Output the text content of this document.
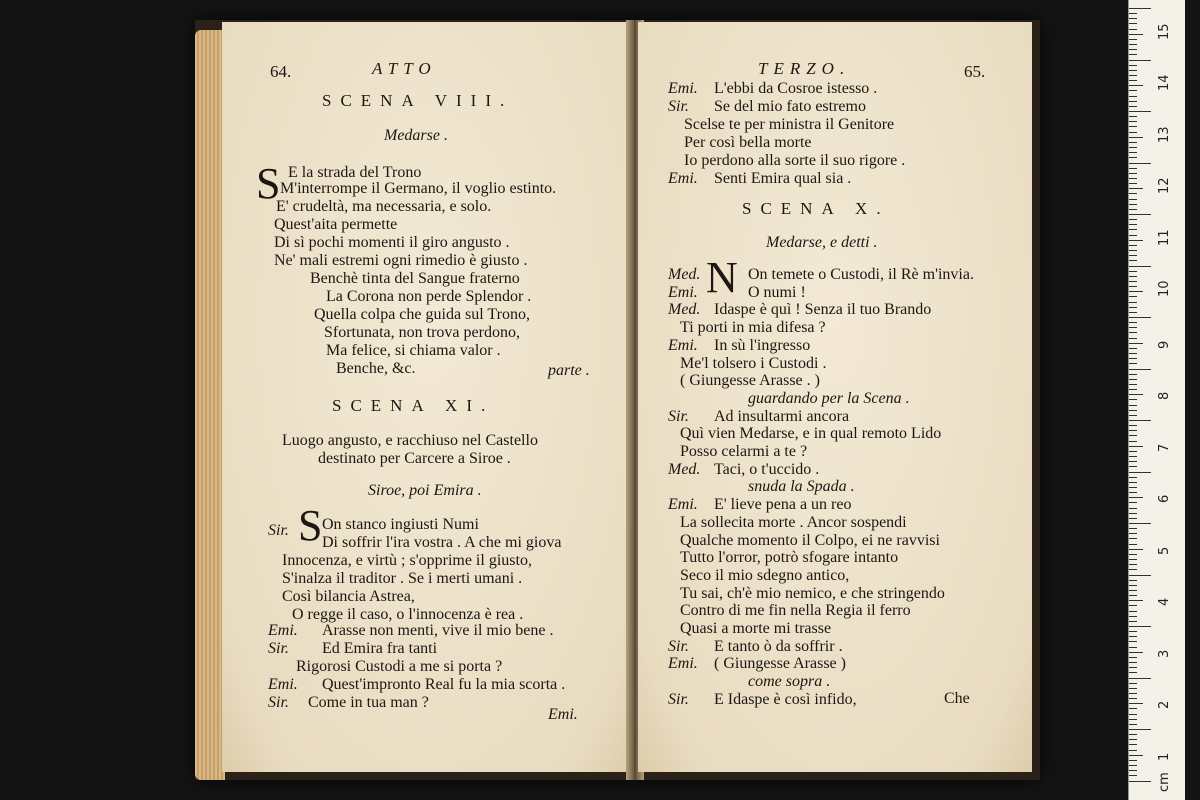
64.	ATTO
SCENA VIII.
Medarse .
S E la strada del Trono
M'interrompe il Germano, il voglio estinto.
E' crudeltà, ma necessaria, e solo.
Quest'aita permette
Di sì pochi momenti il giro angusto .
Ne' mali estremi ogni rimedio è giusto .
Benchè tinta del Sangue fraterno
La Corona non perde Splendor .
Quella colpa che guida sul Trono,
Sfortunata, non trova perdono,
Ma felice, si chiama valor .
Benche, &c.	parte .
SCENA XI.
Luogo angusto, e racchiuso nel Castello
destinato per Carcere a Siroe .
Siroe, poi Emira .
Sir. S On stanco ingiusti Numi
Di soffrir l'ira vostra . A che mi giova
Innocenza, e virtù ; s'opprime il giusto,
S'inalza il traditor . Se i merti umani .
Così bilancia Astrea,
O regge il caso, o l'innocenza è rea .
Emi. Arasse non menti, vive il mio bene .
Sir. Ed Emira fra tanti
Rigorosi Custodi a me si porta ?
Emi. Quest'impronto Real fu la mia scorta .
Sir. Come in tua man ?
Emi.
TERZO.	65.
Emi. L'ebbi da Cosroe istesso .
Sir. Se del mio fato estremo
Scelse te per ministra il Genitore
Per così bella morte
Io perdono alla sorte il suo rigore .
Emi. Senti Emira qual sia .
SCENA X.
Medarse, e detti .
N
Med.	On temete o Custodi, il Rè m'invia.
Emi.	O numi !
Med. Idaspe è quì ! Senza il tuo Brando
Ti porti in mia difesa ?
Emi. In sù l'ingresso
Me'l tolsero i Custodi .
( Giungesse Arasse . )
guardando per la Scena .
Sir. Ad insultarmi ancora
Quì vien Medarse, e in qual remoto Lido
Posso celarmi a te ?
Med. Taci, o t'uccido .
snuda la Spada .
Emi. E' lieve pena a un reo
La sollecita morte . Ancor sospendi
Qualche momento il Colpo, ei ne ravvisi
Tutto l'orror, potrò sfogare intanto
Seco il mio sdegno antico,
Tu sai, ch'è mio nemico, e che stringendo
Contro di me fin nella Regia il ferro
Quasi a morte mi trasse
Sir. E tanto ò da soffrir .
Emi. ( Giungesse Arasse )
come sopra .
Sir. E Idaspe è così infido,	Che
15
14
13
12
11
10
9
8
7
6
5
4
3
2
1
cm
